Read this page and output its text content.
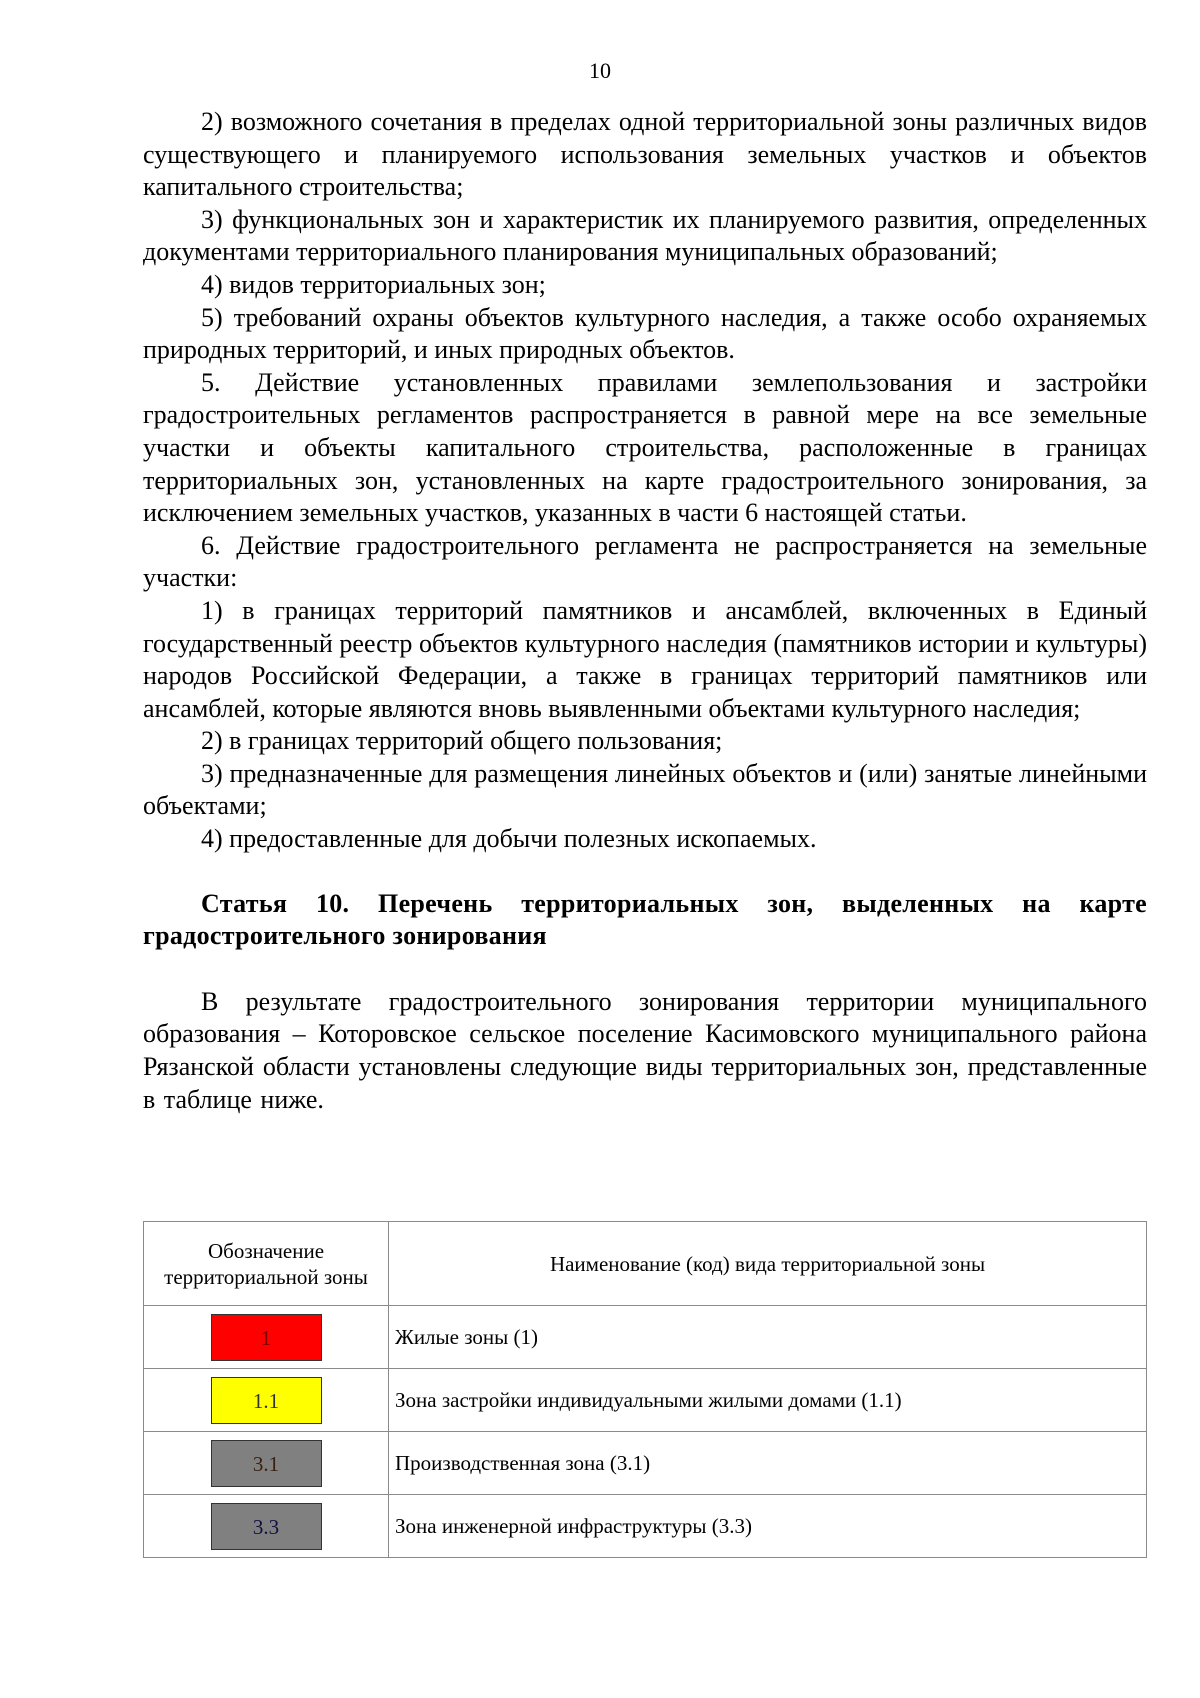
10

2) возможного сочетания в пределах одной территориальной зоны различных видов существующего и планируемого использования земельных участков и объектов капитального строительства;

3) функциональных зон и характеристик их планируемого развития, определенных документами территориального планирования муниципальных образований;

4) видов территориальных зон;

5) требований охраны объектов культурного наследия, а также особо охраняемых природных территорий, и иных природных объектов.

5. Действие установленных правилами землепользования и застройки градостроительных регламентов распространяется в равной мере на все земельные участки и объекты капитального строительства, расположенные в границах территориальных зон, установленных на карте градостроительного зонирования, за исключением земельных участков, указанных в части 6 настоящей статьи.

6. Действие градостроительного регламента не распространяется на земельные участки:

1) в границах территорий памятников и ансамблей, включенных в Единый государственный реестр объектов культурного наследия (памятников истории и культуры) народов Российской Федерации, а также в границах территорий памятников или ансамблей, которые являются вновь выявленными объектами культурного наследия;

2) в границах территорий общего пользования;

3) предназначенные для размещения линейных объектов и (или) занятые линейными объектами;

4) предоставленные для добычи полезных ископаемых.

Статья 10. Перечень территориальных зон, выделенных на карте градостроительного зонирования

В результате градостроительного зонирования территории муниципального образования – Которовское сельское поселение Касимовского муниципального района Рязанской области установлены следующие виды территориальных зон, представленные в таблице ниже.

Обозначение территориальной зоны	Наименование (код) вида территориальной зоны
1	Жилые зоны (1)
1.1	Зона застройки индивидуальными жилыми домами (1.1)
3.1	Производственная зона (3.1)
3.3	Зона инженерной инфраструктуры (3.3)
